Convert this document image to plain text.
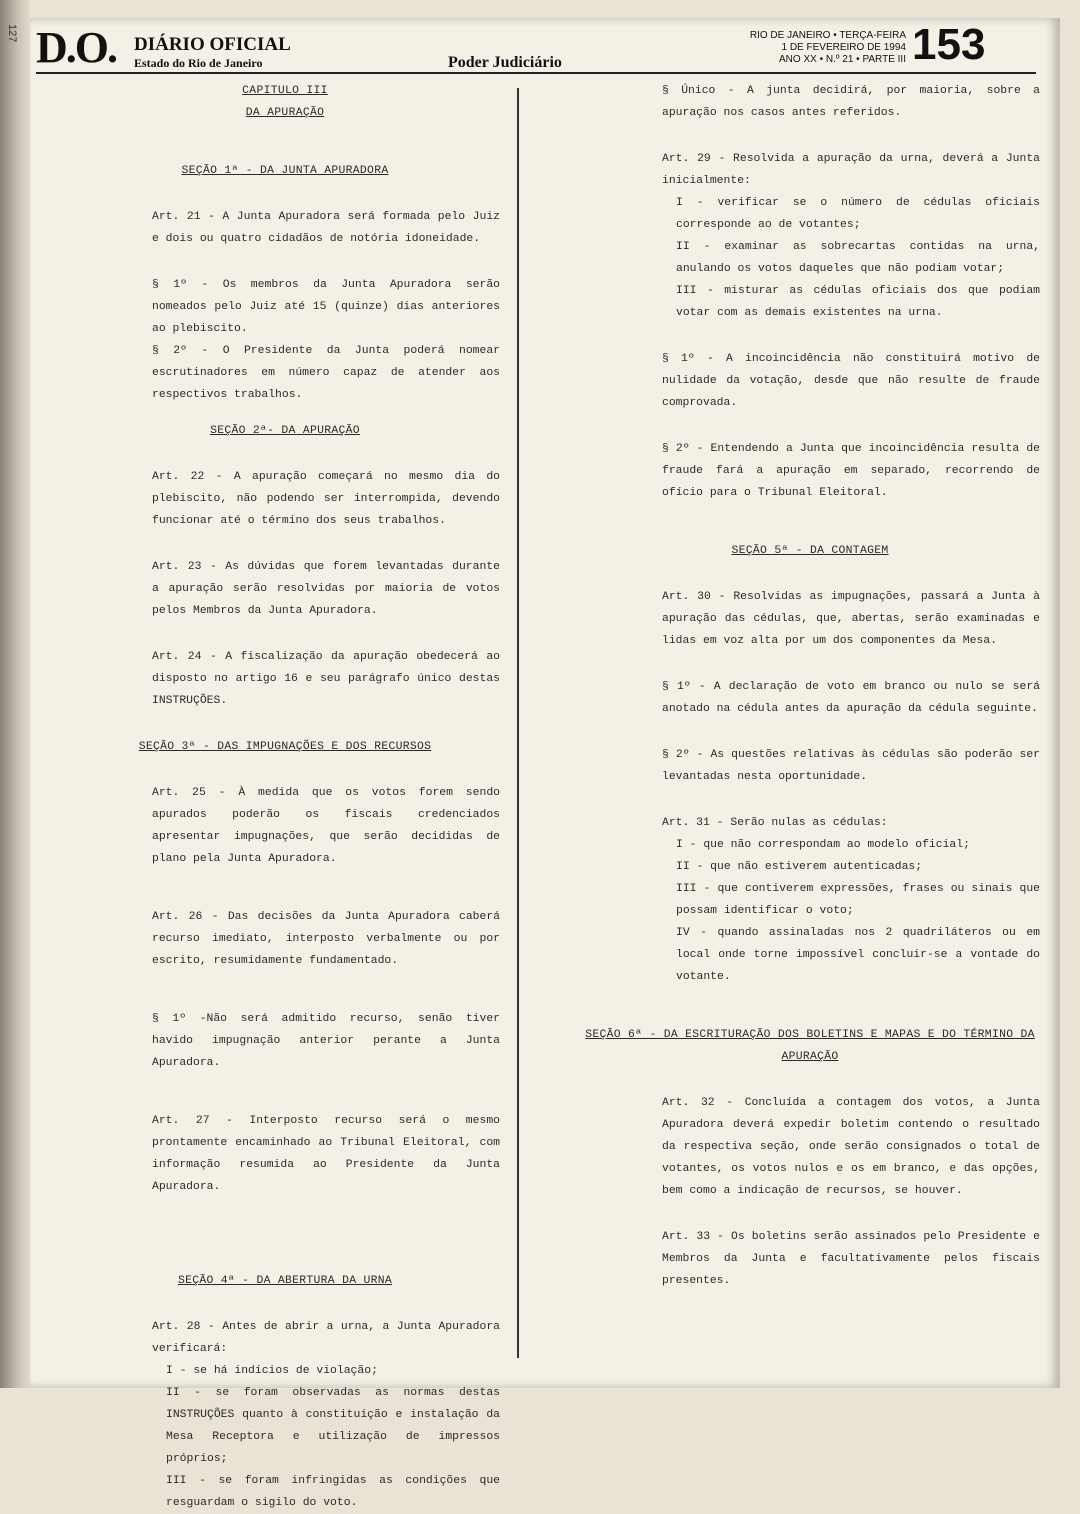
127 D.O. DIÁRIO OFICIAL
Estado do Rio de Janeiro	Poder Judiciário
RIO DE JANEIRO • TERÇA-FEIRA
1 DE FEVEREIRO DE 1994
ANO XX • N.º 21 • PARTE III 153
CAPITULO III
DA APURAÇÃO
SEÇÃO 1ª - DA JUNTA APURADORA
Art. 21 - A Junta Apuradora será formada pelo Juiz e dois ou quatro cidadãos de notória idoneidade.
§ 1º - Os membros da Junta Apuradora serão nomeados pelo Juiz até 15 (quinze) dias anteriores ao plebiscito.
§ 2º - O Presidente da Junta poderá nomear escrutinadores em número capaz de atender aos respectivos trabalhos.
SEÇÃO 2ª- DA APURAÇÃO
Art. 22 - A apuração começará no mesmo dia do plebiscito, não podendo ser interrompida, devendo funcionar até o término dos seus trabalhos.
Art. 23 - As dúvidas que forem levantadas durante a apuração serão resolvidas por maioria de votos pelos Membros da Junta Apuradora.
Art. 24 - A fiscalização da apuração obedecerá ao disposto no artigo 16 e seu parágrafo único destas INSTRUÇÕES.
SEÇÃO 3ª - DAS IMPUGNAÇÕES E DOS RECURSOS
Art. 25 - À medida que os votos forem sendo apurados poderão os fiscais credenciados apresentar impugnações, que serão decididas de plano pela Junta Apuradora.
Art. 26 - Das decisões da Junta Apuradora caberá recurso imediato, interposto verbalmente ou por escrito, resumidamente fundamentado.
§ 1º -Não será admitido recurso, senão tiver havido impugnação anterior perante a Junta Apuradora.
Art. 27 - Interposto recurso será o mesmo prontamente encaminhado ao Tribunal Eleitoral, com informação resumida ao Presidente da Junta Apuradora.
SEÇÃO 4ª - DA ABERTURA DA URNA
Art. 28 - Antes de abrir a urna, a Junta Apuradora verificará:
I - se há indícios de violação;
II - se foram observadas as normas destas INSTRUÇÕES quanto à constituição e instalação da Mesa Receptora e utilização de impressos próprios;
III - se foram infringidas as condições que resguardam o sigilo do voto.
§ Único - A junta decidirá, por maioria, sobre a apuração nos casos antes referidos.
Art. 29 - Resolvida a apuração da urna, deverá a Junta inicialmente:
I - verificar se o número de cédulas oficiais corresponde ao de votantes;
II - examinar as sobrecartas contidas na urna, anulando os votos daqueles que não podiam votar;
III - misturar as cédulas oficiais dos que podiam votar com as demais existentes na urna.
§ 1º - A incoincidência não constituirá motivo de nulidade da votação, desde que não resulte de fraude comprovada.
§ 2º - Entendendo a Junta que incoincidência resulta de fraude fará a apuração em separado, recorrendo de ofício para o Tribunal Eleitoral.
SEÇÃO 5ª - DA CONTAGEM
Art. 30 - Resolvidas as impugnações, passará a Junta à apuração das cédulas, que, abertas, serão examinadas e lidas em voz alta por um dos componentes da Mesa.
§ 1º - A declaração de voto em branco ou nulo se será anotado na cédula antes da apuração da cédula seguinte.
§ 2º - As questões relativas às cédulas são poderão ser levantadas nesta oportunidade.
Art. 31 - Serão nulas as cédulas:
I - que não correspondam ao modelo oficial;
II - que não estiverem autenticadas;
III - que contiverem expressões, frases ou sinais que possam identificar o voto;
IV - quando assinaladas nos 2 quadriláteros ou em local onde torne impossível concluir-se a vontade do votante.
SEÇÃO 6ª - DA ESCRITURAÇÃO DOS BOLETINS E MAPAS E DO TÉRMINO DA APURAÇÃO
Art. 32 - Concluída a contagem dos votos, a Junta Apuradora deverá expedir boletim contendo o resultado da respectiva seção, onde serão consignados o total de votantes, os votos nulos e os em branco, e das opções, bem como a indicação de recursos, se houver.
Art. 33 - Os boletins serão assinados pelo Presidente e Membros da Junta e facultativamente pelos fiscais presentes.
